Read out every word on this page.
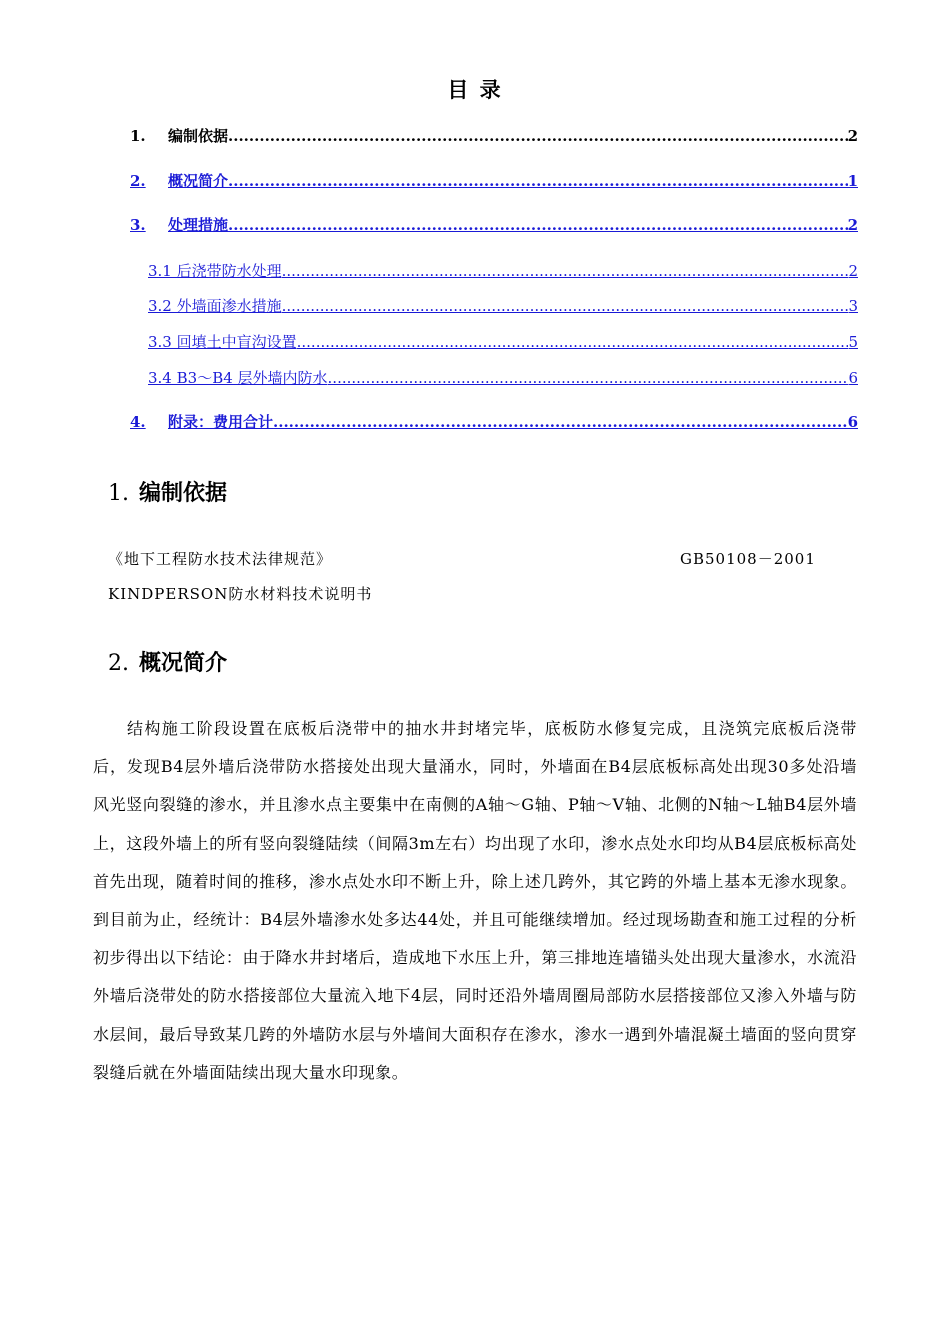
目 录
1.	编制依据 .....	2
2.	概况简介 .....	1
3.	处理措施 .....	2
3.1 后浇带防水处理 .....	2
3.2 外墙面渗水措施 .....	3
3.3 回填土中盲沟设置 .....	5
3.4 B3～B4 层外墙内防水 .....	6
4.	附录：费用合计 .....	6
1. 编制依据
《地下工程防水技术法律规范》	GB50108－2001
KINDPERSON防水材料技术说明书
2. 概况简介
结构施工阶段设置在底板后浇带中的抽水井封堵完毕，底板防水修复完成，且浇筑完底板后浇带后，发现B4层外墙后浇带防水搭接处出现大量涌水，同时，外墙面在B4层底板标高处出现30多处沿墙风光竖向裂缝的渗水，并且渗水点主要集中在南侧的A轴～G轴、P轴～V轴、北侧的N轴～L轴B4层外墙上，这段外墙上的所有竖向裂缝陆续（间隔3m左右）均出现了水印，渗水点处水印均从B4层底板标高处首先出现，随着时间的推移，渗水点处水印不断上升，除上述几跨外，其它跨的外墙上基本无渗水现象。到目前为止，经统计：B4层外墙渗水处多达44处，并且可能继续增加。经过现场勘查和施工过程的分析初步得出以下结论：由于降水井封堵后，造成地下水压上升，第三排地连墙锚头处出现大量渗水，水流沿外墙后浇带处的防水搭接部位大量流入地下4层，同时还沿外墙周圈局部防水层搭接部位又渗入外墙与防水层间，最后导致某几跨的外墙防水层与外墙间大面积存在渗水，渗水一遇到外墙混凝土墙面的竖向贯穿裂缝后就在外墙面陆续出现大量水印现象。
